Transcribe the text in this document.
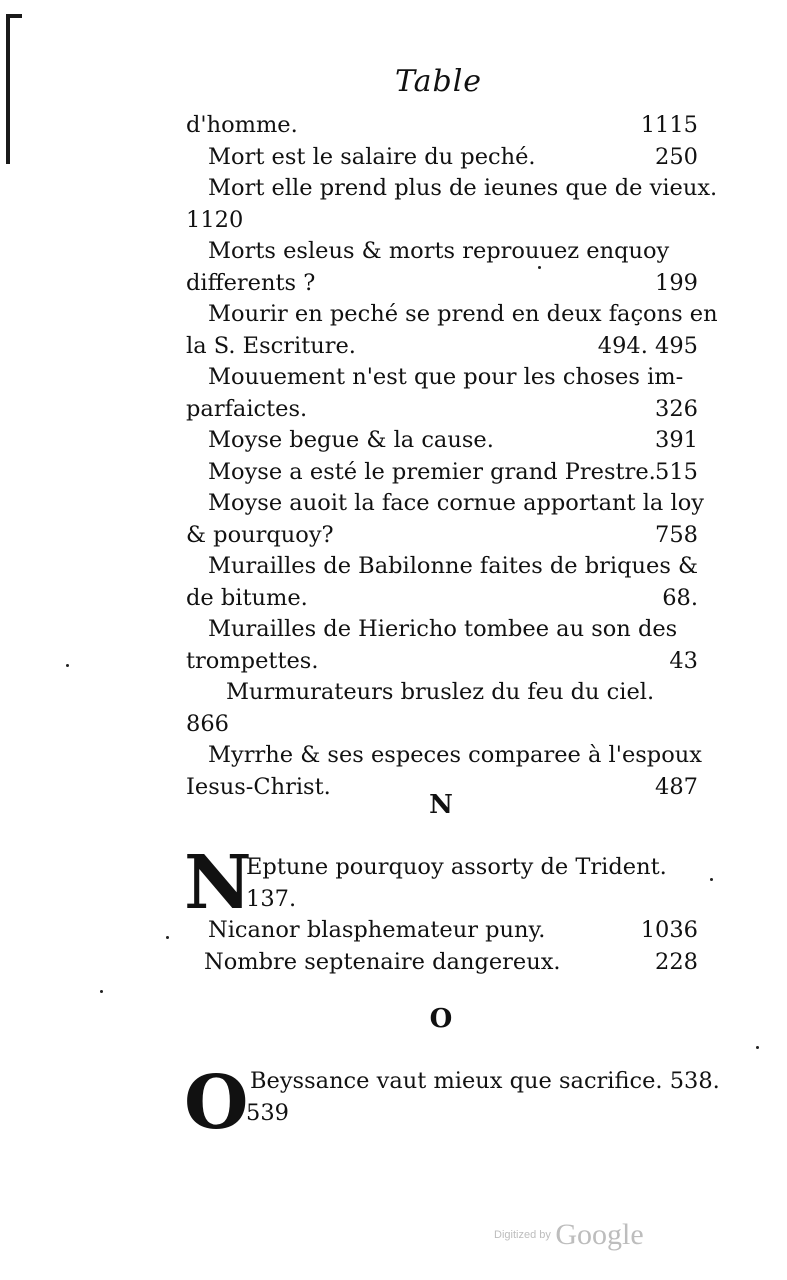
Table
d'homme.	1115
Mort est le salaire du peché.	250
Mort elle prend plus de ieunes que de vieux.
1120
Morts esleus & morts reprouuez enquoy
differents ?	199
Mourir en peché se prend en deux façons en
la S. Escriture.	494. 495
Mouuement n'est que pour les choses im-
parfaictes.	326
Moyse begue & la cause.	391
Moyse a esté le premier grand Prestre. 515
Moyse auoit la face cornue apportant la loy
& pourquoy?	758
Murailles de Babilonne faites de briques &
de bitume.	68.
Murailles de Hiericho tombee au son des
trompettes.	43
Murmurateurs bruslez du feu du ciel.
866
Myrrhe & ses especes comparee à l'espoux
Iesus-Christ.	487
N
N
Eptune pourquoy assorty de Trident.
137.
Nicanor blasphemateur puny.	1036
Nombre septenaire dangereux.	228
O
O Beyssance vaut mieux que sacrifice. 538.
539
Digitized by Google
